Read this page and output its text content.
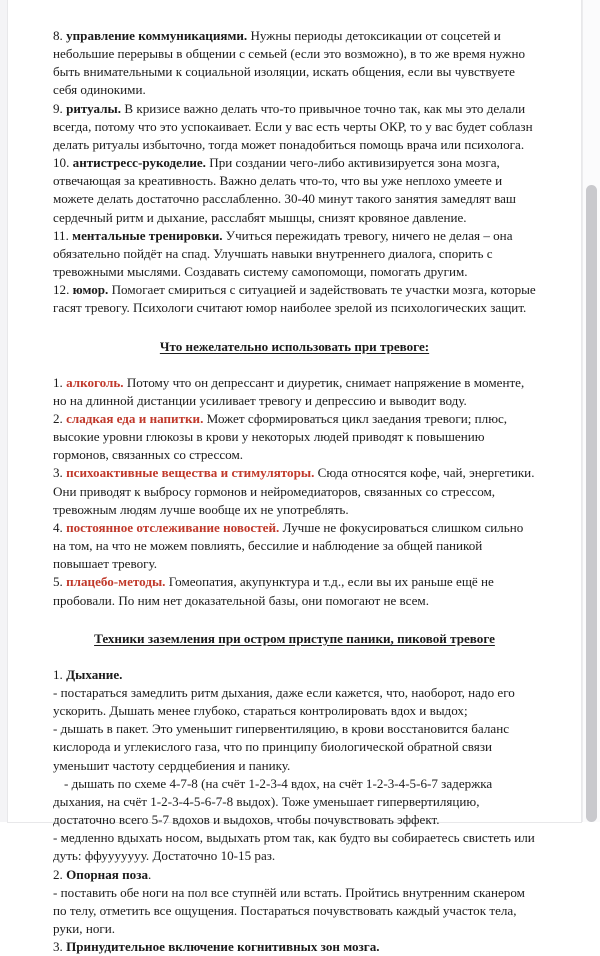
8. управление коммуникациями. Нужны периоды детоксикации от соцсетей и небольшие перерывы в общении с семьей (если это возможно), в то же время нужно быть внимательными к социальной изоляции, искать общения, если вы чувствуете себя одинокими.

9. ритуалы. В кризисе важно делать что-то привычное точно так, как мы это делали всегда, потому что это успокаивает. Если у вас есть черты ОКР, то у вас будет соблазн делать ритуалы избыточно, тогда может понадобиться помощь врача или психолога.

10. антистресс-рукоделие. При создании чего-либо активизируется зона мозга, отвечающая за креативность. Важно делать что-то, что вы уже неплохо умеете и можете делать достаточно расслабленно. 30-40 минут такого занятия замедлят ваш сердечный ритм и дыхание, расслабят мышцы, снизят кровяное давление.

11. ментальные тренировки. Учиться пережидать тревогу, ничего не делая – она обязательно пойдёт на спад. Улучшать навыки внутреннего диалога, спорить с тревожными мыслями. Создавать систему самопомощи, помогать другим.

12. юмор. Помогает смириться с ситуацией и задействовать те участки мозга, которые гасят тревогу. Психологи считают юмор наиболее зрелой из психологических защит.

Что нежелательно использовать при тревоге:

1. алкоголь. Потому что он депрессант и диуретик, снимает напряжение в моменте, но на длинной дистанции усиливает тревогу и депрессию и выводит воду.

2. сладкая еда и напитки. Может сформироваться цикл заедания тревоги; плюс, высокие уровни глюкозы в крови у некоторых людей приводят к повышению гормонов, связанных со стрессом.

3. психоактивные вещества и стимуляторы. Сюда относятся кофе, чай, энергетики. Они приводят к выбросу гормонов и нейромедиаторов, связанных со стрессом, тревожным людям лучше вообще их не употреблять.

4. постоянное отслеживание новостей. Лучше не фокусироваться слишком сильно на том, на что не можем повлиять, бессилие и наблюдение за общей паникой повышает тревогу.

5. плацебо-методы. Гомеопатия, акупунктура и т.д., если вы их раньше ещё не пробовали. По ним нет доказательной базы, они помогают не всем.

Техники заземления при остром приступе паники, пиковой тревоге

1. Дыхание.

- постараться замедлить ритм дыхания, даже если кажется, что, наоборот, надо его ускорить. Дышать менее глубоко, стараться контролировать вдох и выдох;

- дышать в пакет. Это уменьшит гипервентиляцию, в крови восстановится баланс кислорода и углекислого газа, что по принципу биологической обратной связи уменьшит частоту сердцебиения и панику.

- дышать по схеме 4-7-8 (на счёт 1-2-3-4 вдох, на счёт 1-2-3-4-5-6-7 задержка дыхания, на счёт 1-2-3-4-5-6-7-8 выдох). Тоже уменьшает гипервертиляцию, достаточно всего 5-7 вдохов и выдохов, чтобы почувствовать эффект.

- медленно вдыхать носом, выдыхать ртом так, как будто вы собираетесь свистеть или дуть: ффууууууу. Достаточно 10-15 раз.

2. Опорная поза.

- поставить обе ноги на пол все ступнёй или встать. Пройтись внутренним сканером по телу, отметить все ощущения. Постараться почувствовать каждый участок тела, руки, ноги.

3. Принудительное включение когнитивных зон мозга.
